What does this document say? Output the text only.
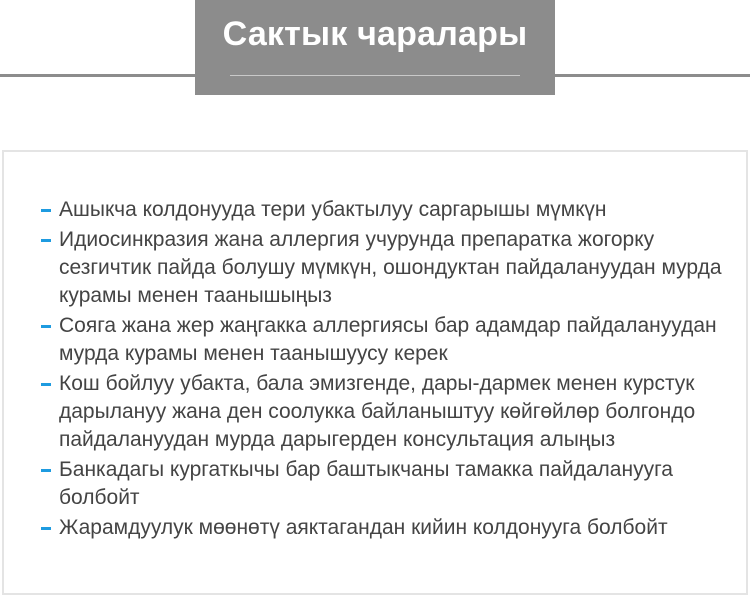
Сактык чаралары
Ашыкча колдонууда тери убактылуу саргарышы мүмкүн
Идиосинкразия жана аллергия учурунда препаратка жогорку сезгичтик пайда болушу мүмкүн, ошондуктан пайдалануудан мурда курамы менен таанышыңыз
Сояга жана жер жаңгакка аллергиясы бар адамдар пайдалануудан мурда курамы менен таанышуусу керек
Кош бойлуу убакта, бала эмизгенде, дары-дармек менен курстук дарылануу жана ден соолукка байланыштуу көйгөйлөр болгондо пайдалануудан мурда дарыгерден консультация алыңыз
Банкадагы кургаткычы бар баштыкчаны тамакка пайдаланууга болбойт
Жарамдуулук мөөнөтү аяктагандан кийин колдонууга болбойт
